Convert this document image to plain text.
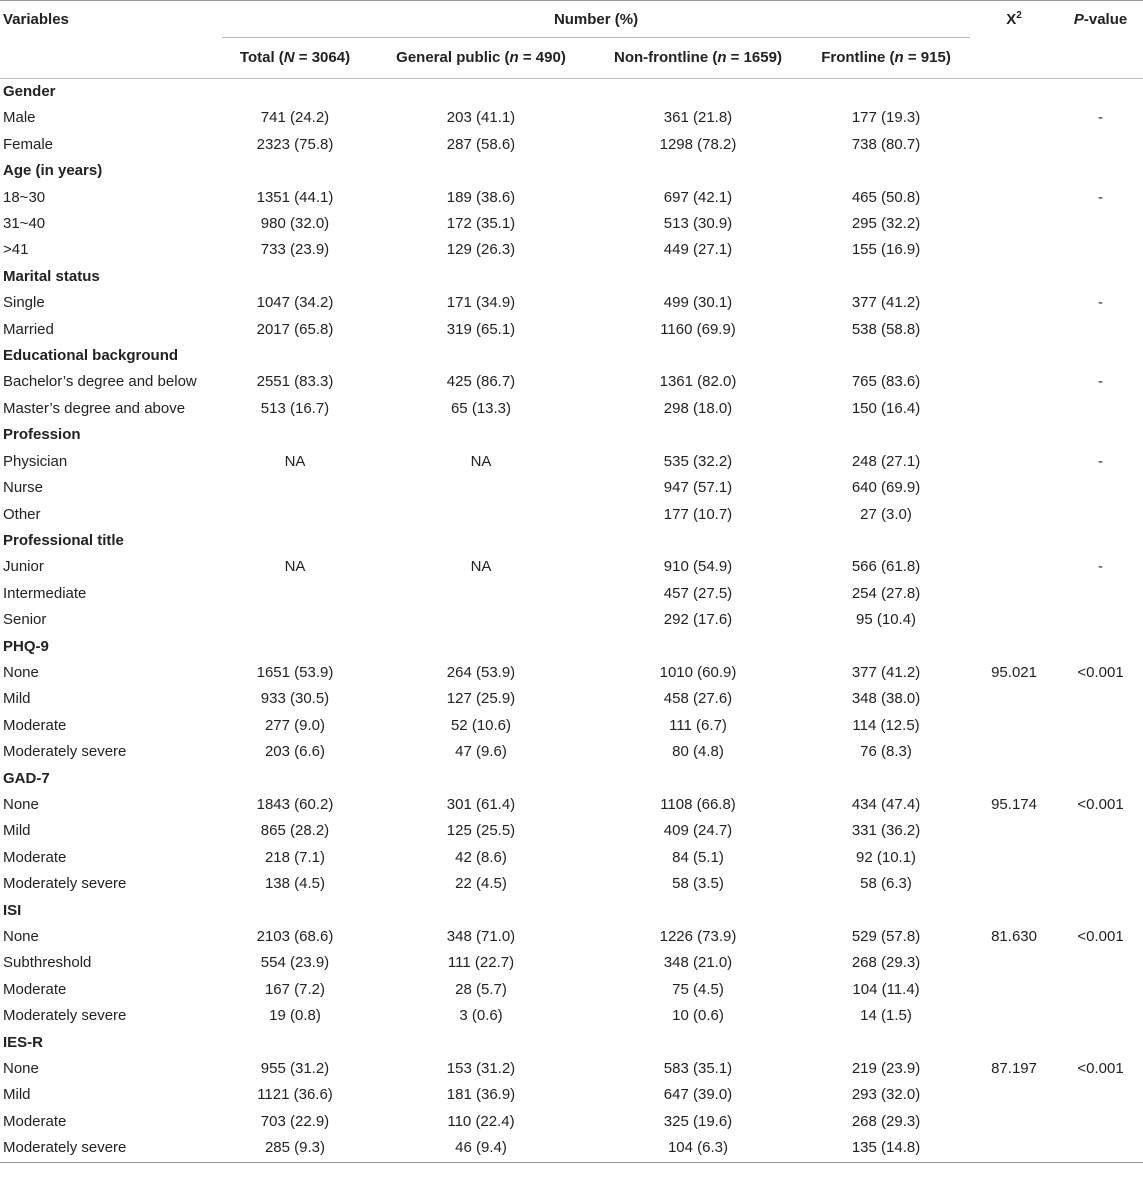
Variables	Number (%)				$X^2$	P-value
	Total (N = 3064)	General public (n = 490)	Non-frontline (n = 1659)	Frontline (n = 915)		
Gender						
Male	741 (24.2)	203 (41.1)	361 (21.8)	177 (19.3)		-
Female	2323 (75.8)	287 (58.6)	1298 (78.2)	738 (80.7)		
Age (in years)						
18~30	1351 (44.1)	189 (38.6)	697 (42.1)	465 (50.8)		-
31~40	980 (32.0)	172 (35.1)	513 (30.9)	295 (32.2)		
>41	733 (23.9)	129 (26.3)	449 (27.1)	155 (16.9)		
Marital status						
Single	1047 (34.2)	171 (34.9)	499 (30.1)	377 (41.2)		-
Married	2017 (65.8)	319 (65.1)	1160 (69.9)	538 (58.8)		
Educational background						
Bachelor’s degree and below	2551 (83.3)	425 (86.7)	1361 (82.0)	765 (83.6)		-
Master’s degree and above	513 (16.7)	65 (13.3)	298 (18.0)	150 (16.4)		
Profession						
Physician	NA	NA	535 (32.2)	248 (27.1)		-
Nurse			947 (57.1)	640 (69.9)		
Other			177 (10.7)	27 (3.0)		
Professional title						
Junior	NA	NA	910 (54.9)	566 (61.8)		-
Intermediate			457 (27.5)	254 (27.8)		
Senior			292 (17.6)	95 (10.4)		
PHQ-9						
None	1651 (53.9)	264 (53.9)	1010 (60.9)	377 (41.2)	95.021	<0.001
Mild	933 (30.5)	127 (25.9)	458 (27.6)	348 (38.0)		
Moderate	277 (9.0)	52 (10.6)	111 (6.7)	114 (12.5)		
Moderately severe	203 (6.6)	47 (9.6)	80 (4.8)	76 (8.3)		
GAD-7						
None	1843 (60.2)	301 (61.4)	1108 (66.8)	434 (47.4)	95.174	<0.001
Mild	865 (28.2)	125 (25.5)	409 (24.7)	331 (36.2)		
Moderate	218 (7.1)	42 (8.6)	84 (5.1)	92 (10.1)		
Moderately severe	138 (4.5)	22 (4.5)	58 (3.5)	58 (6.3)		
ISI						
None	2103 (68.6)	348 (71.0)	1226 (73.9)	529 (57.8)	81.630	<0.001
Subthreshold	554 (23.9)	111 (22.7)	348 (21.0)	268 (29.3)		
Moderate	167 (7.2)	28 (5.7)	75 (4.5)	104 (11.4)		
Moderately severe	19 (0.8)	3 (0.6)	10 (0.6)	14 (1.5)		
IES-R						
None	955 (31.2)	153 (31.2)	583 (35.1)	219 (23.9)	87.197	<0.001
Mild	1121 (36.6)	181 (36.9)	647 (39.0)	293 (32.0)		
Moderate	703 (22.9)	110 (22.4)	325 (19.6)	268 (29.3)		
Moderately severe	285 (9.3)	46 (9.4)	104 (6.3)	135 (14.8)		
